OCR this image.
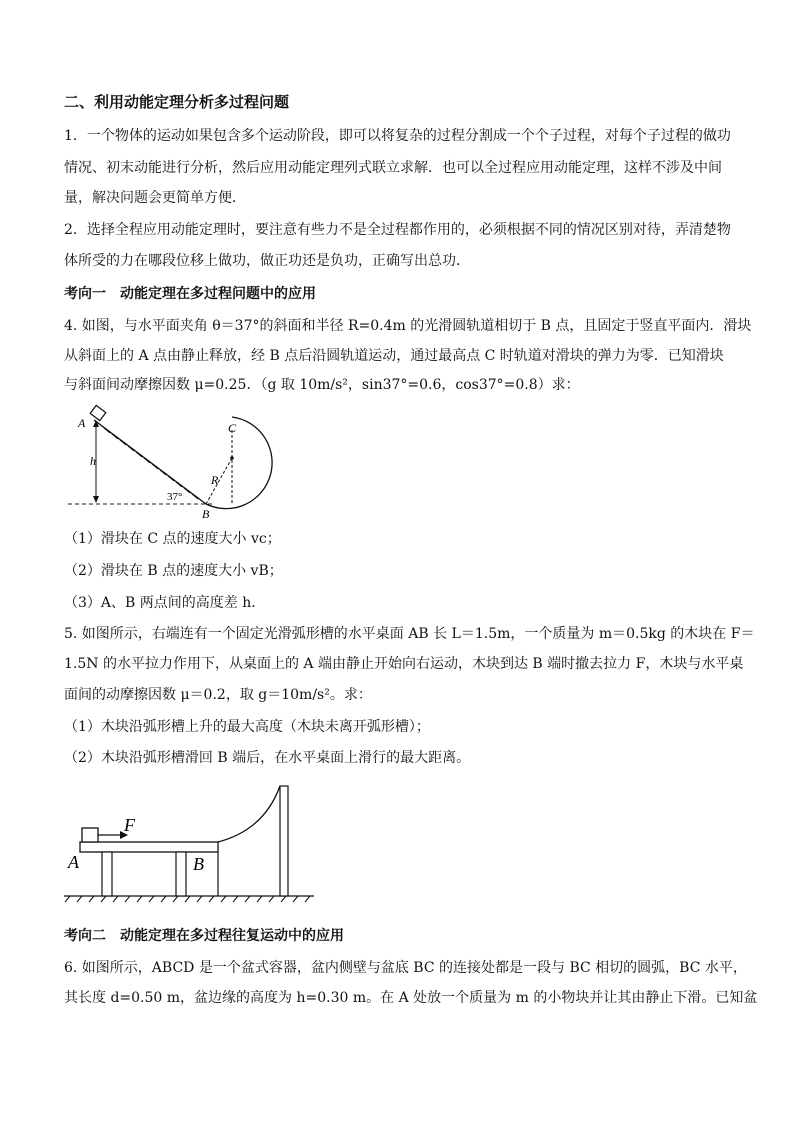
二、利用动能定理分析多过程问题
1．一个物体的运动如果包含多个运动阶段，即可以将复杂的过程分割成一个个子过程，对每个子过程的做功
情况、初末动能进行分析，然后应用动能定理列式联立求解．也可以全过程应用动能定理，这样不涉及中间
量，解决问题会更简单方便．
2．选择全程应用动能定理时，要注意有些力不是全过程都作用的，必须根据不同的情况区别对待，弄清楚物
体所受的力在哪段位移上做功，做正功还是负功，正确写出总功．
考向一　动能定理在多过程问题中的应用
4. 如图，与水平面夹角 θ＝37°的斜面和半径 R=0.4m 的光滑圆轨道相切于 B 点，且固定于竖直平面内．滑块
从斜面上的 A 点由静止释放，经 B 点后沿圆轨道运动，通过最高点 C 时轨道对滑块的弹力为零．已知滑块
与斜面间动摩擦因数 μ=0.25．（g 取 10m/s²，sin37°=0.6，cos37°=0.8）求：
A	C
h
R
37°
B
（1）滑块在 C 点的速度大小 vc；
（2）滑块在 B 点的速度大小 vB；
（3）A、B 两点间的高度差 h．
5. 如图所示，右端连有一个固定光滑弧形槽的水平桌面 AB 长 L＝1.5m，一个质量为 m＝0.5kg 的木块在 F＝
1.5N 的水平拉力作用下，从桌面上的 A 端由静止开始向右运动，木块到达 B 端时撤去拉力 F，木块与水平桌
面间的动摩擦因数 μ＝0.2，取 g＝10m/s²。求：
（1）木块沿弧形槽上升的最大高度（木块未离开弧形槽）；
（2）木块沿弧形槽滑回 B 端后，在水平桌面上滑行的最大距离。
F
A	B
考向二　动能定理在多过程往复运动中的应用
6. 如图所示，ABCD 是一个盆式容器，盆内侧壁与盆底 BC 的连接处都是一段与 BC 相切的圆弧，BC 水平，
其长度 d=0.50 m，盆边缘的高度为 h=0.30 m。在 A 处放一个质量为 m 的小物块并让其由静止下滑。已知盆
